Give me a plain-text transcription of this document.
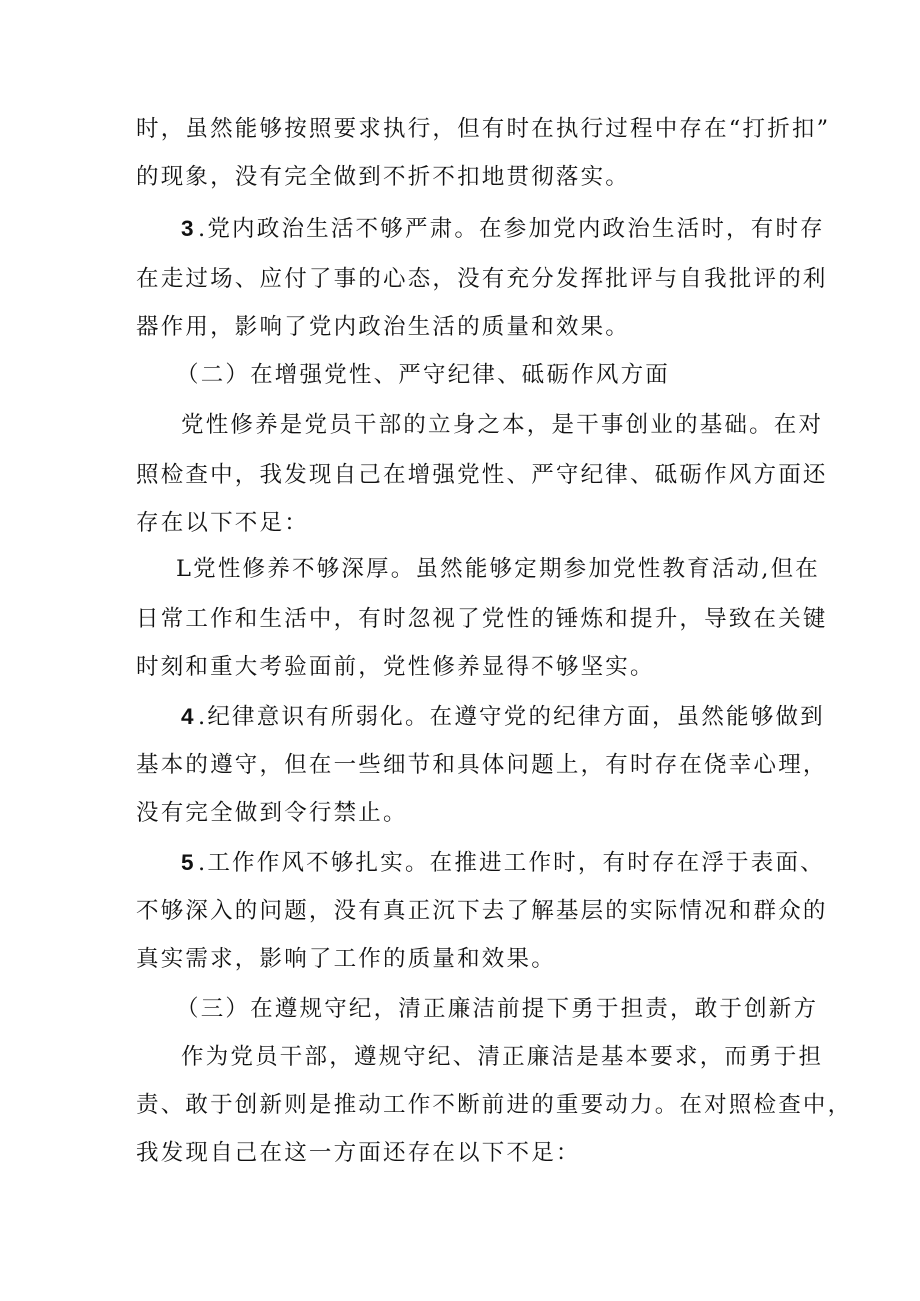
时，虽然能够按照要求执行，但有时在执行过程中存在“打折扣”
的现象，没有完全做到不折不扣地贯彻落实。
3 .党内政治生活不够严肃。在参加党内政治生活时，有时存
在走过场、应付了事的心态，没有充分发挥批评与自我批评的利
器作用，影响了党内政治生活的质量和效果。
（二）在增强党性、严守纪律、砥砺作风方面
党性修养是党员干部的立身之本，是干事创业的基础。在对
照检查中，我发现自己在增强党性、严守纪律、砥砺作风方面还
存在以下不足：
L党性修养不够深厚。虽然能够定期参加党性教育活动,但在
日常工作和生活中，有时忽视了党性的锤炼和提升，导致在关键
时刻和重大考验面前，党性修养显得不够坚实。
4 .纪律意识有所弱化。在遵守党的纪律方面，虽然能够做到
基本的遵守，但在一些细节和具体问题上，有时存在侥幸心理，
没有完全做到令行禁止。
5 .工作作风不够扎实。在推进工作时，有时存在浮于表面、
不够深入的问题，没有真正沉下去了解基层的实际情况和群众的
真实需求，影响了工作的质量和效果。
（三）在遵规守纪，清正廉洁前提下勇于担责，敢于创新方
作为党员干部，遵规守纪、清正廉洁是基本要求，而勇于担
责、敢于创新则是推动工作不断前进的重要动力。在对照检查中，
我发现自己在这一方面还存在以下不足：
